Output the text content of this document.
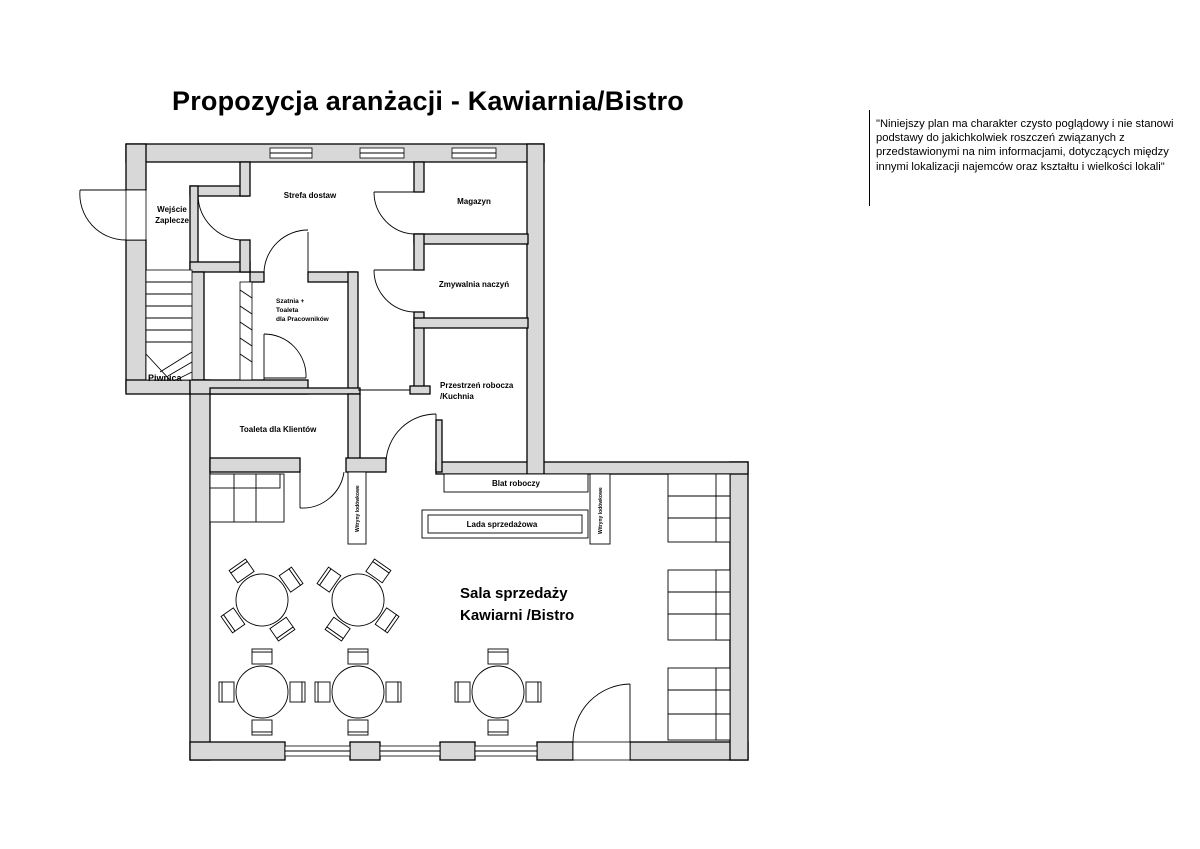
Propozycja aranżacji - Kawiarnia/Bistro
"Niniejszy plan ma charakter czysto poglądowy i nie stanowi podstawy do jakichkolwiek roszczeń związanych z przedstawionymi na nim informacjami, dotyczących między innymi lokalizacji najemców oraz kształtu i wielkości lokali"
Wejście
Zaplecze
Strefa dostaw
Magazyn
Zmywalnia naczyń
Szatnia +
Toaleta
dla Pracowników
Piwnica
Przestrzeń robocza
/Kuchnia
Toaleta dla Klientów
Sala sprzedaży
Kawiarni /Bistro
Blat roboczy
Lada sprzedażowa
Witryny lodówkowe	Witryny lodówkowe
